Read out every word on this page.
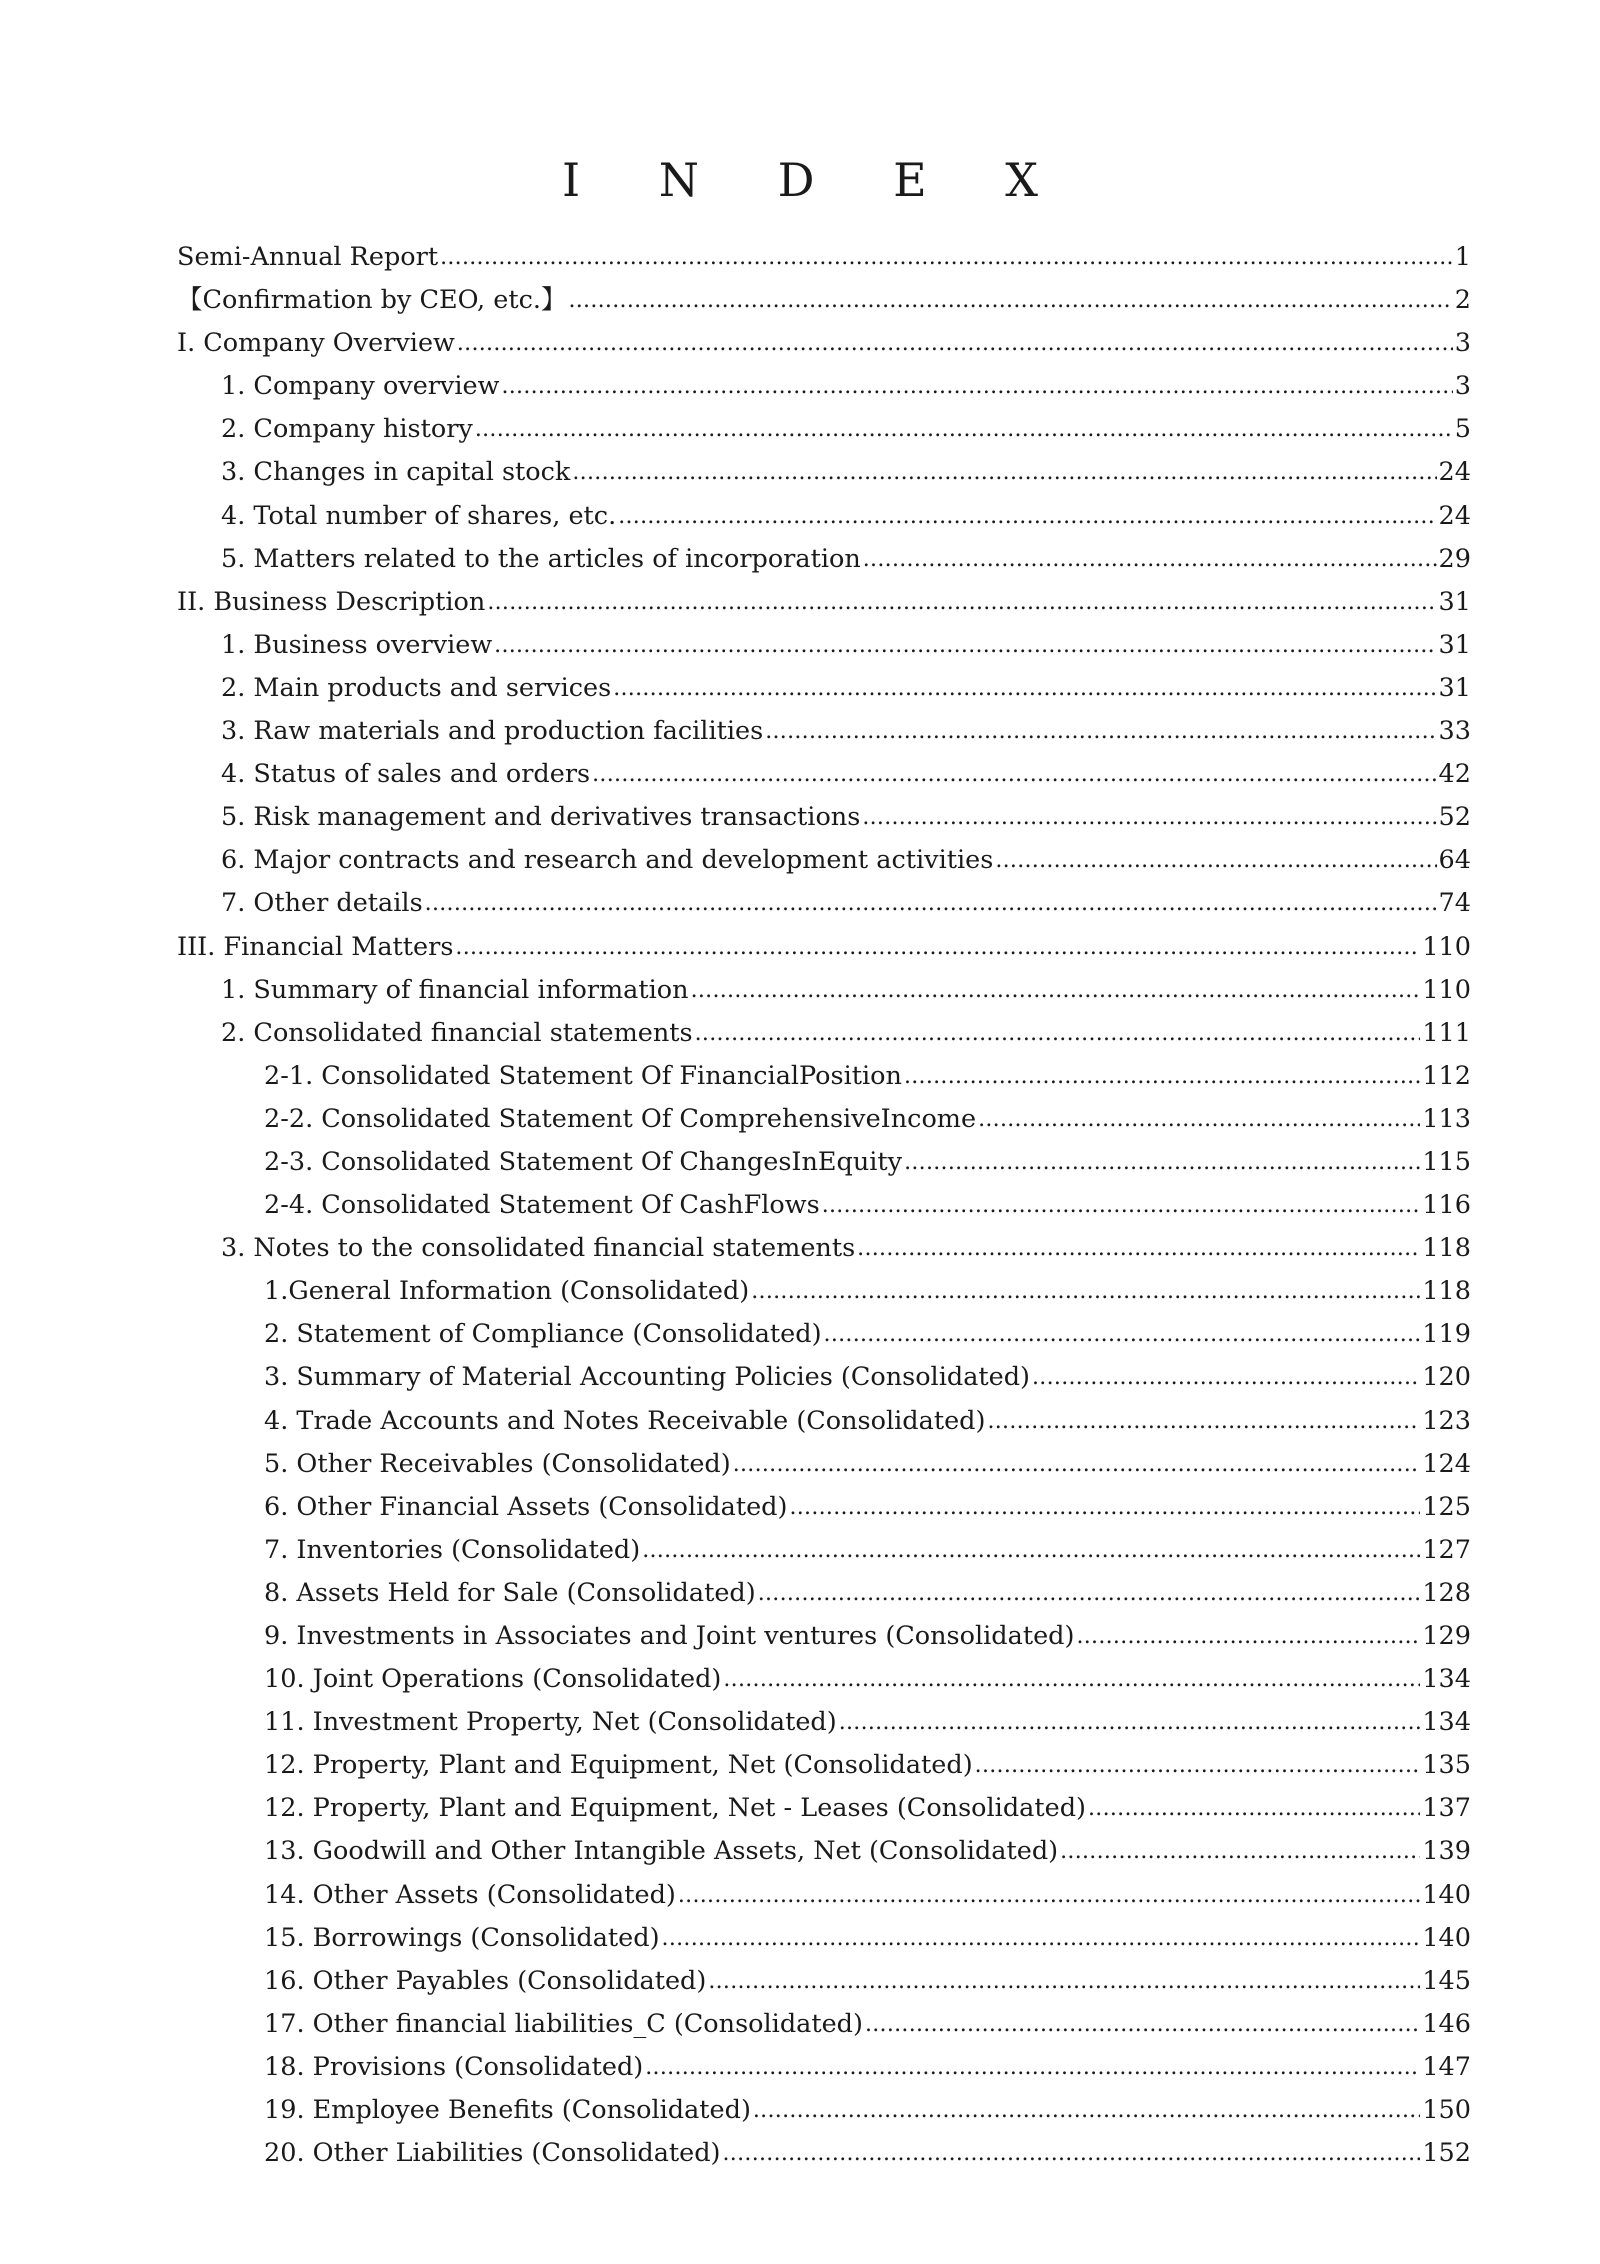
I N D E X
Semi-Annual Report .....	1
【Confirmation by CEO, etc.】 .....	2
I. Company Overview .....	3
1. Company overview .....	3
2. Company history .....	5
3. Changes in capital stock .....	24
4. Total number of shares, etc. .....	24
5. Matters related to the articles of incorporation .....	29
II. Business Description .....	31
1. Business overview .....	31
2. Main products and services .....	31
3. Raw materials and production facilities .....	33
4. Status of sales and orders .....	42
5. Risk management and derivatives transactions .....	52
6. Major contracts and research and development activities .....	64
7. Other details .....	74
III. Financial Matters .....	110
1. Summary of financial information .....	110
2. Consolidated financial statements .....	111
2-1. Consolidated Statement Of FinancialPosition .....	112
2-2. Consolidated Statement Of ComprehensiveIncome .....	113
2-3. Consolidated Statement Of ChangesInEquity .....	115
2-4. Consolidated Statement Of CashFlows .....	116
3. Notes to the consolidated financial statements .....	118
1.General Information (Consolidated) .....	118
2. Statement of Compliance (Consolidated) .....	119
3. Summary of Material Accounting Policies (Consolidated) .....	120
4. Trade Accounts and Notes Receivable (Consolidated) .....	123
5. Other Receivables (Consolidated) .....	124
6. Other Financial Assets (Consolidated) .....	125
7. Inventories (Consolidated) .....	127
8. Assets Held for Sale (Consolidated) .....	128
9. Investments in Associates and Joint ventures (Consolidated) .....	129
10. Joint Operations (Consolidated) .....	134
11. Investment Property, Net (Consolidated) .....	134
12. Property, Plant and Equipment, Net (Consolidated) .....	135
12. Property, Plant and Equipment, Net - Leases (Consolidated) .....	137
13. Goodwill and Other Intangible Assets, Net (Consolidated) .....	139
14. Other Assets (Consolidated) .....	140
15. Borrowings (Consolidated) .....	140
16. Other Payables (Consolidated) .....	145
17. Other financial liabilities_C (Consolidated) .....	146
18. Provisions (Consolidated) .....	147
19. Employee Benefits (Consolidated) .....	150
20. Other Liabilities (Consolidated) .....	152
